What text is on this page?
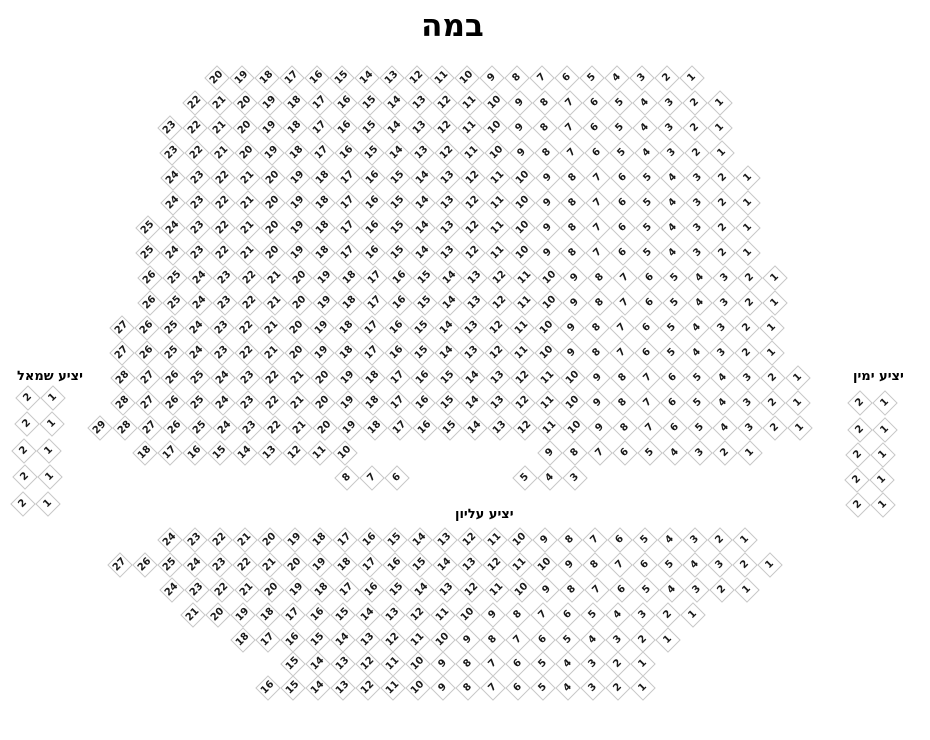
במה
יציע שמאל	יציע ימין
יציע עליון
20 19 18 17 16 15 14 13 12 11 10 9	8	7	6	5	4	3	2	1
22 21 20 19 18 17 16 15 14 13 12 11 10 9	8	7	6	5	4	3	2	1
23 22 21 20 19 18 17 16 15 14 13 12 11 10 9	8	7	6	5	4	3	2	1
23 22 21 20 19 18 17 16 15 14 13 12 11 10 9	8	7	6	5	4	3	2	1
24 23 22 21 20 19 18 17 16 15 14 13 12 11 10 9	8	7	6	5	4	3	2	1
24 23 22 21 20 19 18 17 16 15 14 13 12 11 10 9	8	7	6	5	4	3	2	1
25 24 23 22 21 20 19 18 17 16 15 14 13 12 11 10 9	8	7	6	5	4	3	2	1
25 24 23 22 21 20 19 18 17 16 15 14 13 12 11 10 9	8	7	6	5	4	3	2	1
26 25 24 23 22 21 20 19 18 17 16 15 14 13 12 11 10 9	8	7	6	5	4	3	2	1
26 25 24 23 22 21 20 19 18 17 16 15 14 13 12 11 10 9	8	7	6	5	4	3	2	1
27 26 25 24 23 22 21 20 19 18 17 16 15 14 13 12 11 10 9	8	7	6	5	4	3	2	1
27 26 25 24 23 22 21 20 19 18 17 16 15 14 13 12 11 10 9	8	7	6	5	4	3	2	1
28 27 26 25 24 23 22 21 20 19 18 17 16 15 14 13 12 11 10 9	8	7	6	5	4	3	2	1
28 27 26 25 24 23 22 21 20 19 18 17 16 15 14 13 12 11 10 9	8	7	6	5	4	3	2	1
29 28 27 26 25 24 23 22 21 20 19 18 17 16 15 14 13 12 11 10 9	8	7	6	5	4	3	2	1
18 17 16 15 14 13 12 11 10	9	8	7	6	5	4	3	2	1
8	7	6	5	4	3
24 23 22 21 20 19 18 17 16 15 14 13 12 11 10 9	8	7	6	5	4	3	2	1
27 26 25 24 23 22 21 20 19 18 17 16 15 14 13 12 11 10 9	8	7	6	5	4	3	2	1
24 23 22 21 20 19 18 17 16 15 14 13 12 11 10 9	8	7	6	5	4	3	2	1
21 20 19 18 17 16 15 14 13 12 11 10 9	8	7	6	5	4	3	2	1
18 17 16 15 14 13 12 11 10 9	8	7	6	5	4	3	2	1
15 14 13 12 11 10 9	8	7	6	5	4	3	2	1
16 15 14 13 12 11 10 9	8	7	6	5	4	3	2	1
2	1
2	1
2	1
2	1
2	1
2	1
2	1
2	1
2	1
2	1
